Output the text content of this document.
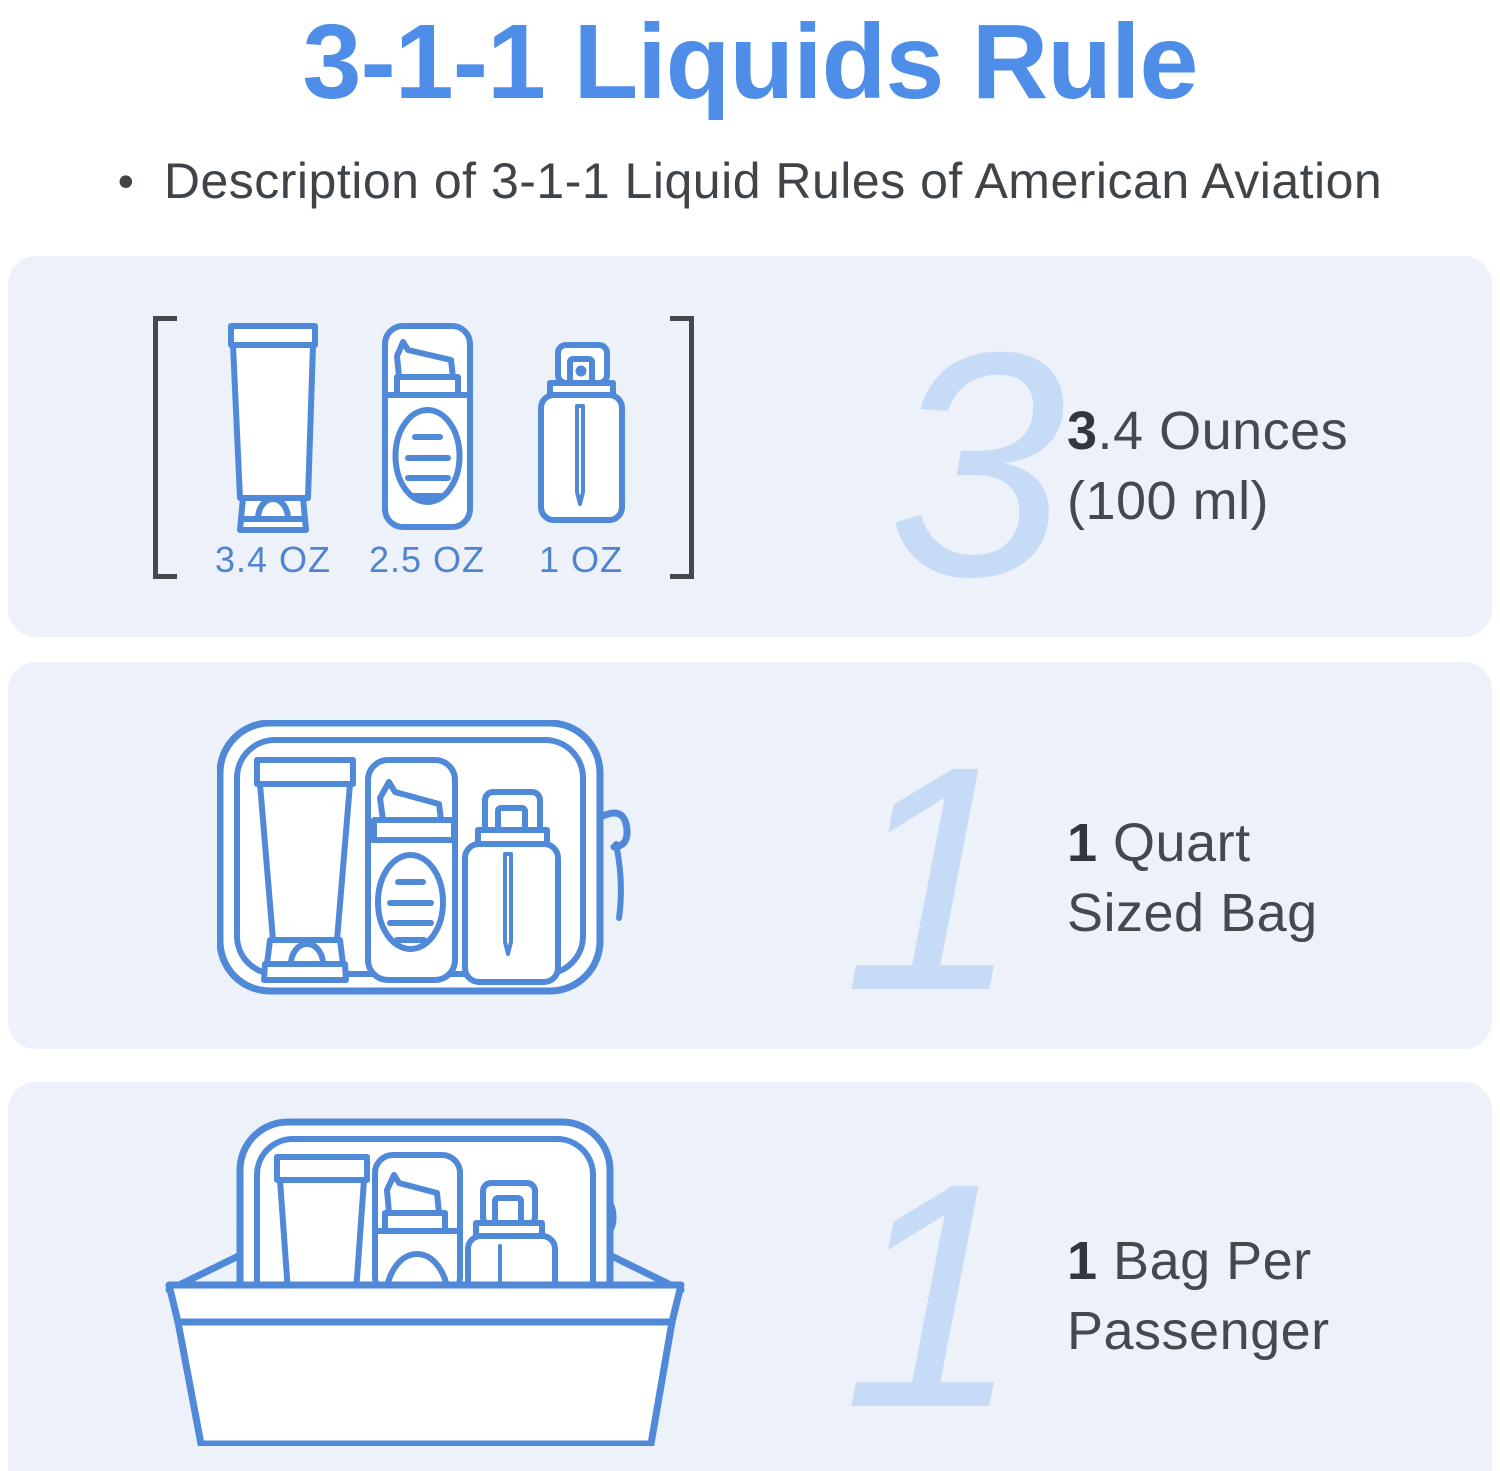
3-1-1 Liquids Rule
• Description of 3-1-1 Liquid Rules of American Aviation
3.4 OZ	2.5 OZ	1 OZ 3 3.4 Ounces
(100 ml)
1 1 Quart
Sized Bag
1 1 Bag Per
Passenger
